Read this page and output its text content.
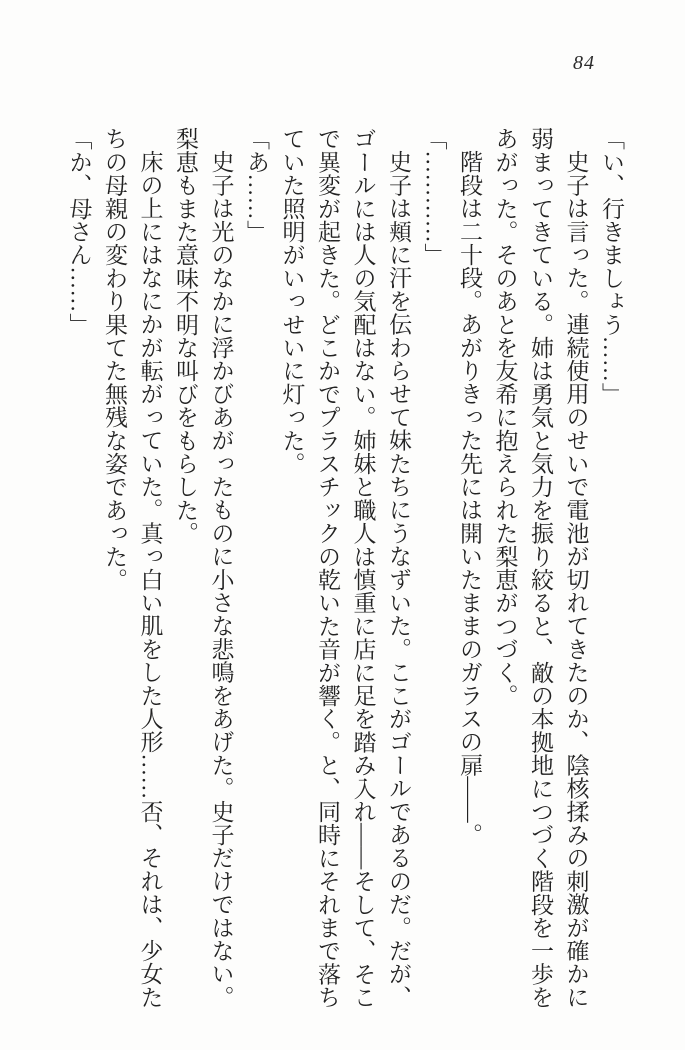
84

「い、行きましょう……」

史子は言った。連続使用のせいで電池が切れてきたのか、陰核揉みの刺激が確かに弱まってきている。姉は勇気と気力を振り絞ると、敵の本拠地につづく階段を一歩をあがった。そのあとを友希に抱えられた梨恵がつづく。

階段は二十段。あがりきった先には開いたままのガラスの扉——。

「…………」

史子は頬に汗を伝わらせて妹たちにうなずいた。ここがゴールであるのだ。だが、ゴールには人の気配はない。姉妹と職人は慎重に店に足を踏み入れ——そして、そこで異変が起きた。どこかでプラスチックの乾いた音が響く。と、同時にそれまで落ちていた照明がいっせいに灯った。

「あ……」

史子は光のなかに浮かびあがったものに小さな悲鳴をあげた。史子だけではない。梨恵もまた意味不明な叫びをもらした。

床の上にはなにかが転がっていた。真っ白い肌をした人形……否、それは、少女たちの母親の変わり果てた無残な姿であった。

「か、母さん……」
